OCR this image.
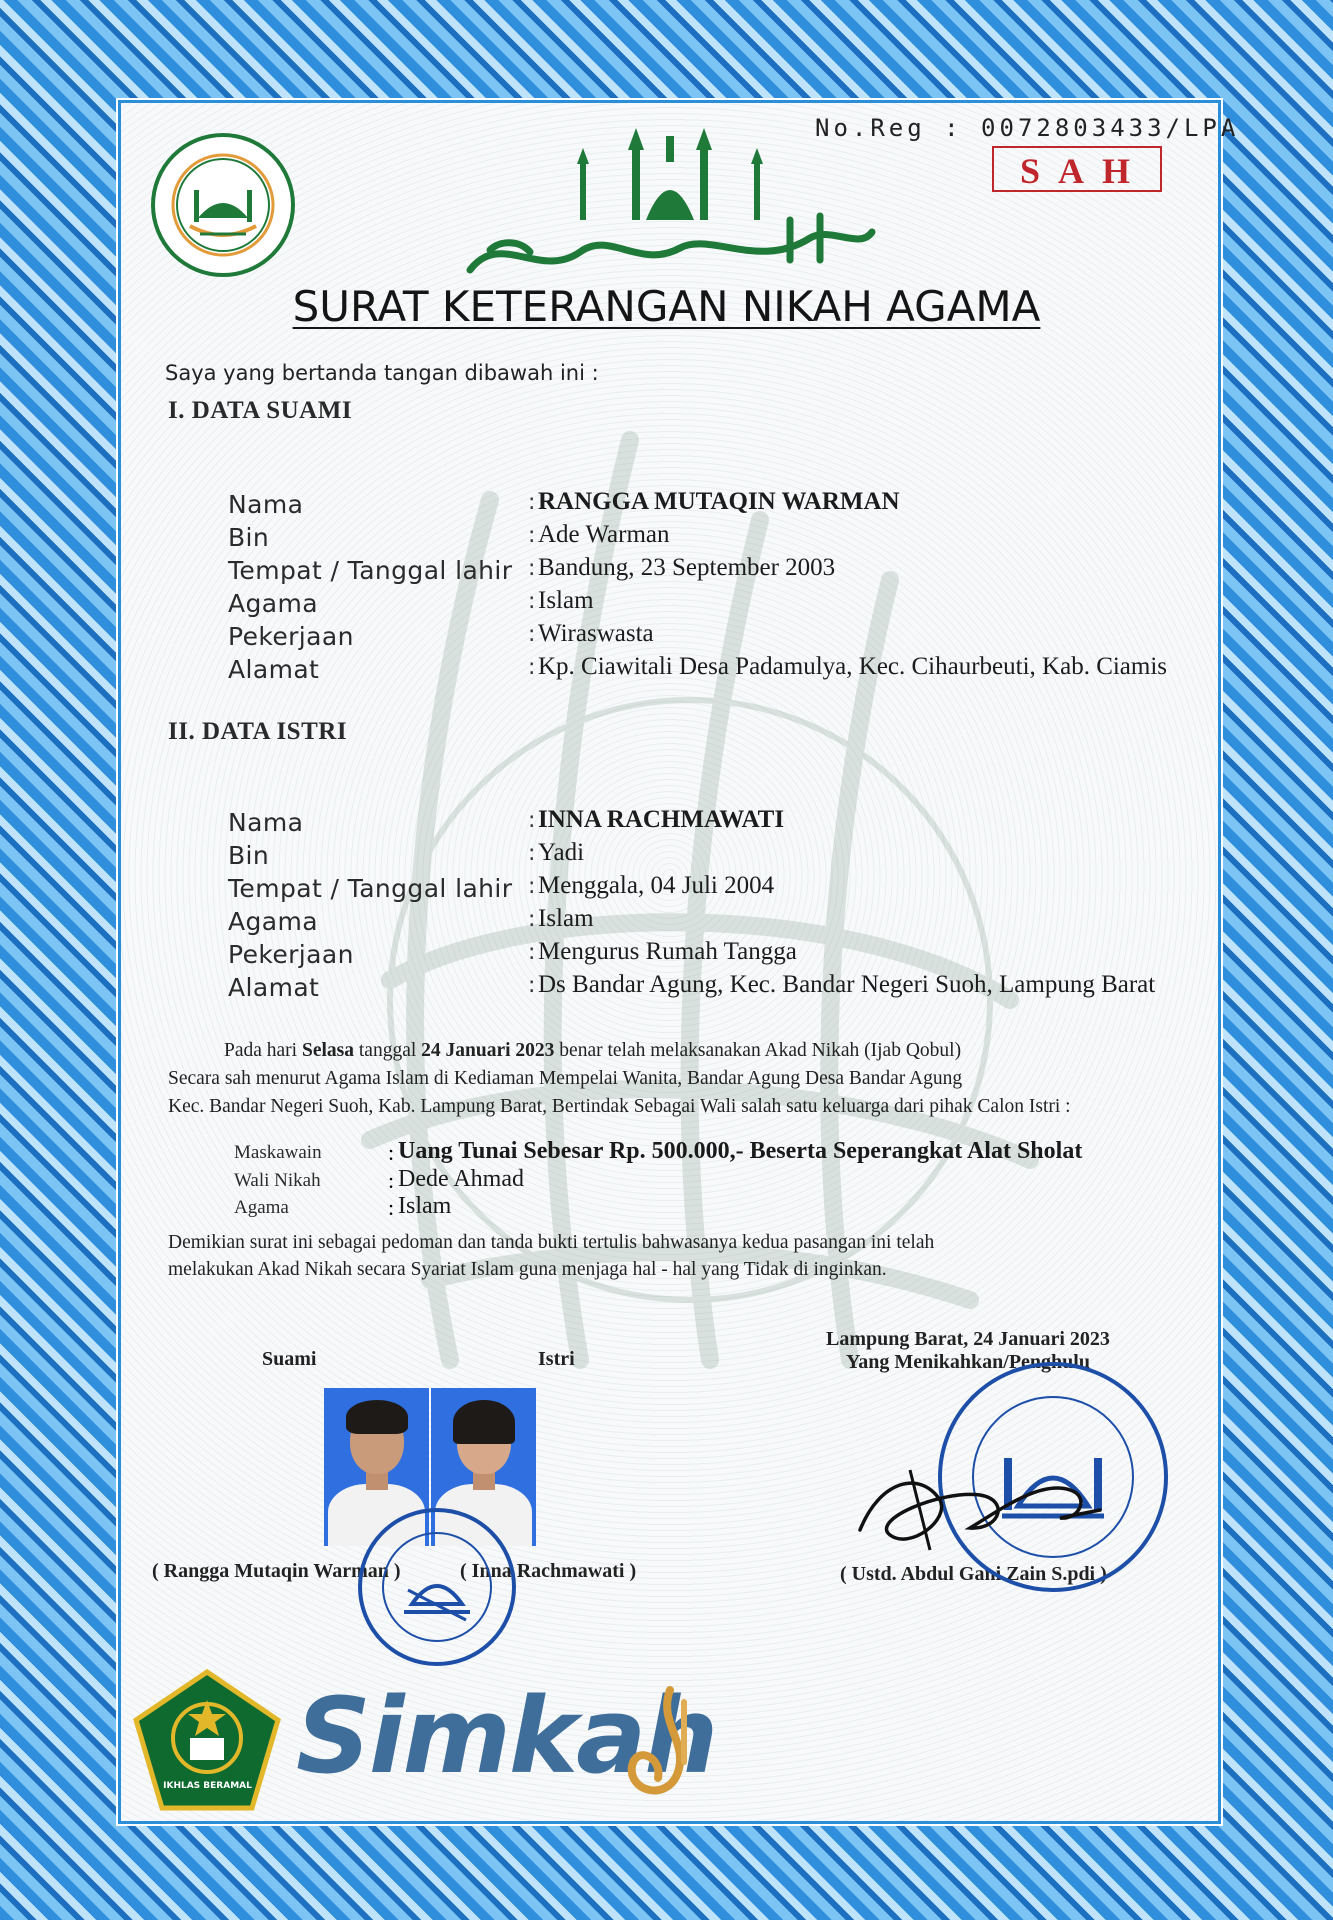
No.Reg : 0072803433/LPA
SAH
SURAT KETERANGAN NIKAH AGAMA
Saya yang bertanda tangan dibawah ini :
I. DATA SUAMI
Nama	: RANGGA MUTAQIN WARMAN
Bin	: Ade Warman
Tempat / Tanggal lahir : Bandung, 23 September 2003
Agama	: Islam
Pekerjaan	: Wiraswasta
Alamat	: Kp. Ciawitali Desa Padamulya, Kec. Cihaurbeuti, Kab. Ciamis
II. DATA ISTRI
Nama	: INNA RACHMAWATI
Bin	: Yadi
Tempat / Tanggal lahir : Menggala, 04 Juli 2004
Agama	: Islam
Pekerjaan	: Mengurus Rumah Tangga
Alamat	: Ds Bandar Agung, Kec. Bandar Negeri Suoh, Lampung Barat
Pada hari Selasa tanggal 24 Januari 2023 benar telah melaksanakan Akad Nikah (Ijab Qobul)
Secara sah menurut Agama Islam di Kediaman Mempelai Wanita, Bandar Agung Desa Bandar Agung
Kec. Bandar Negeri Suoh, Kab. Lampung Barat, Bertindak Sebagai Wali salah satu keluarga dari pihak Calon Istri :
Maskawain	: Uang Tunai Sebesar Rp. 500.000,- Beserta Seperangkat Alat Sholat
Wali Nikah	: Dede Ahmad
Agama	: Islam
Demikian surat ini sebagai pedoman dan tanda bukti tertulis bahwasanya kedua pasangan ini telah
melakukan Akad Nikah secara Syariat Islam guna menjaga hal - hal yang Tidak di inginkan.
Suami	Istri
Lampung Barat, 24 Januari 2023
Yang Menikahkan/Penghulu
( Rangga Mutaqin Warman )	( Inna Rachmawati )	( Ustd. Abdul Gani Zain S.pdi )
IKHLAS BERAMAL Simkah
